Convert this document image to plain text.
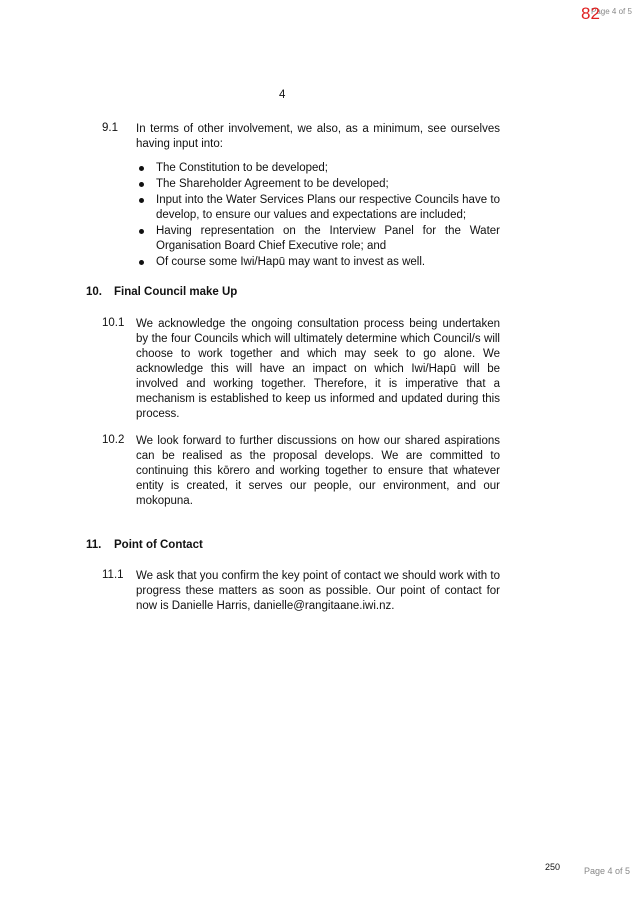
Page 4 of 5
82
4
9.1	In terms of other involvement, we also, as a minimum, see ourselves having input into:
The Constitution to be developed;
The Shareholder Agreement to be developed;
Input into the Water Services Plans our respective Councils have to develop, to ensure our values and expectations are included;
Having representation on the Interview Panel for the Water Organisation Board Chief Executive role; and
Of course some Iwi/Hapū may want to invest as well.
10.	Final Council make Up
10.1	We acknowledge the ongoing consultation process being undertaken by the four Councils which will ultimately determine which Council/s will choose to work together and which may seek to go alone. We acknowledge this will have an impact on which Iwi/Hapū will be involved and working together. Therefore, it is imperative that a mechanism is established to keep us informed and updated during this process.
10.2	We look forward to further discussions on how our shared aspirations can be realised as the proposal develops. We are committed to continuing this kōrero and working together to ensure that whatever entity is created, it serves our people, our environment, and our mokopuna.
11.	Point of Contact
11.1	We ask that you confirm the key point of contact we should work with to progress these matters as soon as possible. Our point of contact for now is Danielle Harris, danielle@rangitaane.iwi.nz.
250	Page 4 of 5
